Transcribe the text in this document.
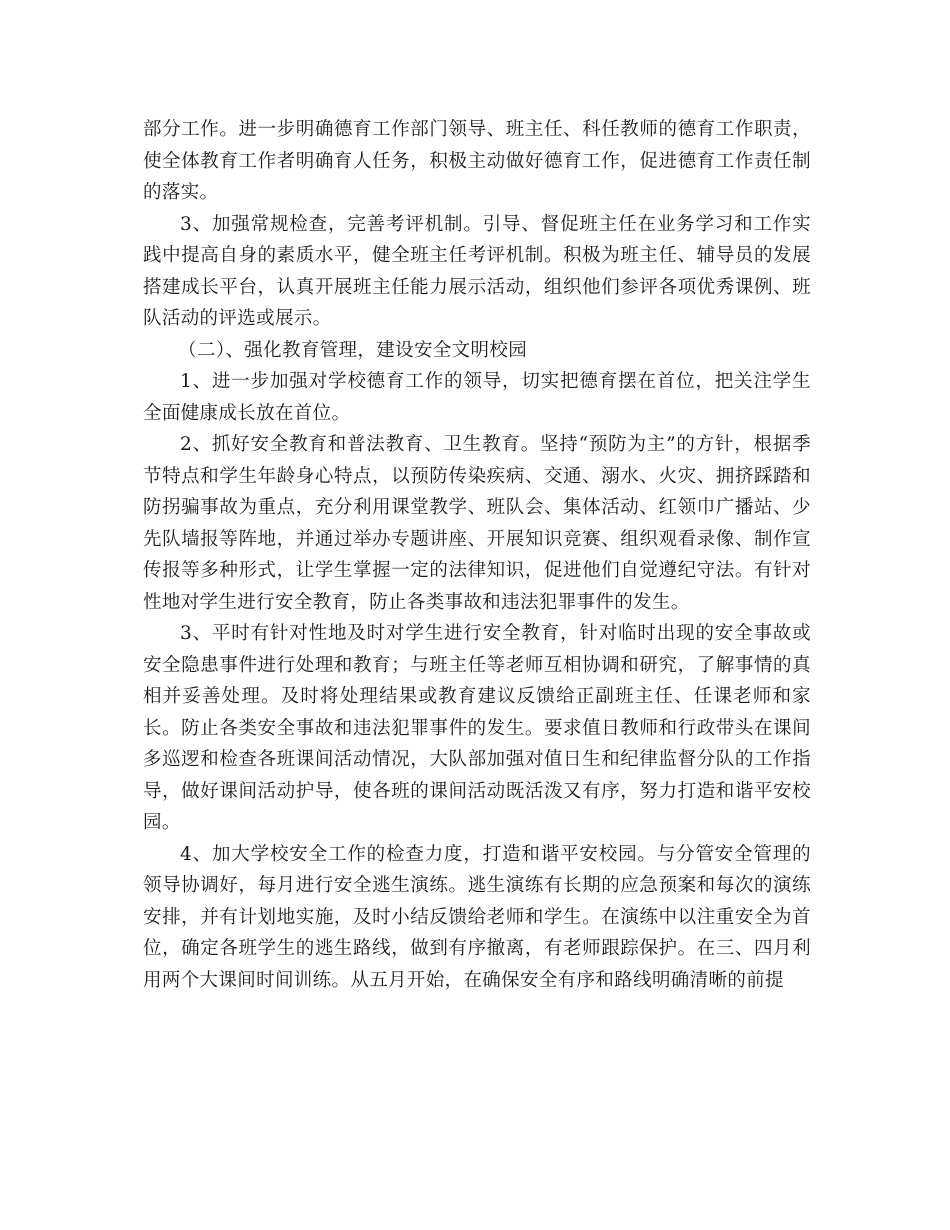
部分工作。进一步明确德育工作部门领导、班主任、科任教师的德育工作职责，使全体教育工作者明确育人任务，积极主动做好德育工作，促进德育工作责任制的落实。

3、加强常规检查，完善考评机制。引导、督促班主任在业务学习和工作实践中提高自身的素质水平，健全班主任考评机制。积极为班主任、辅导员的发展搭建成长平台，认真开展班主任能力展示活动，组织他们参评各项优秀课例、班队活动的评选或展示。

（二）、强化教育管理，建设安全文明校园

1、进一步加强对学校德育工作的领导，切实把德育摆在首位，把关注学生全面健康成长放在首位。

2、抓好安全教育和普法教育、卫生教育。坚持“预防为主”的方针，根据季节特点和学生年龄身心特点，以预防传染疾病、交通、溺水、火灾、拥挤踩踏和防拐骗事故为重点，充分利用课堂教学、班队会、集体活动、红领巾广播站、少先队墙报等阵地，并通过举办专题讲座、开展知识竞赛、组织观看录像、制作宣传报等多种形式，让学生掌握一定的法律知识，促进他们自觉遵纪守法。有针对性地对学生进行安全教育，防止各类事故和违法犯罪事件的发生。

3、平时有针对性地及时对学生进行安全教育，针对临时出现的安全事故或安全隐患事件进行处理和教育；与班主任等老师互相协调和研究，了解事情的真相并妥善处理。及时将处理结果或教育建议反馈给正副班主任、任课老师和家长。防止各类安全事故和违法犯罪事件的发生。要求值日教师和行政带头在课间多巡逻和检查各班课间活动情况，大队部加强对值日生和纪律监督分队的工作指导，做好课间活动护导，使各班的课间活动既活泼又有序，努力打造和谐平安校园。

4、加大学校安全工作的检查力度，打造和谐平安校园。与分管安全管理的领导协调好，每月进行安全逃生演练。逃生演练有长期的应急预案和每次的演练安排，并有计划地实施，及时小结反馈给老师和学生。在演练中以注重安全为首位，确定各班学生的逃生路线，做到有序撤离，有老师跟踪保护。在三、四月利用两个大课间时间训练。从五月开始，在确保安全有序和路线明确清晰的前提
